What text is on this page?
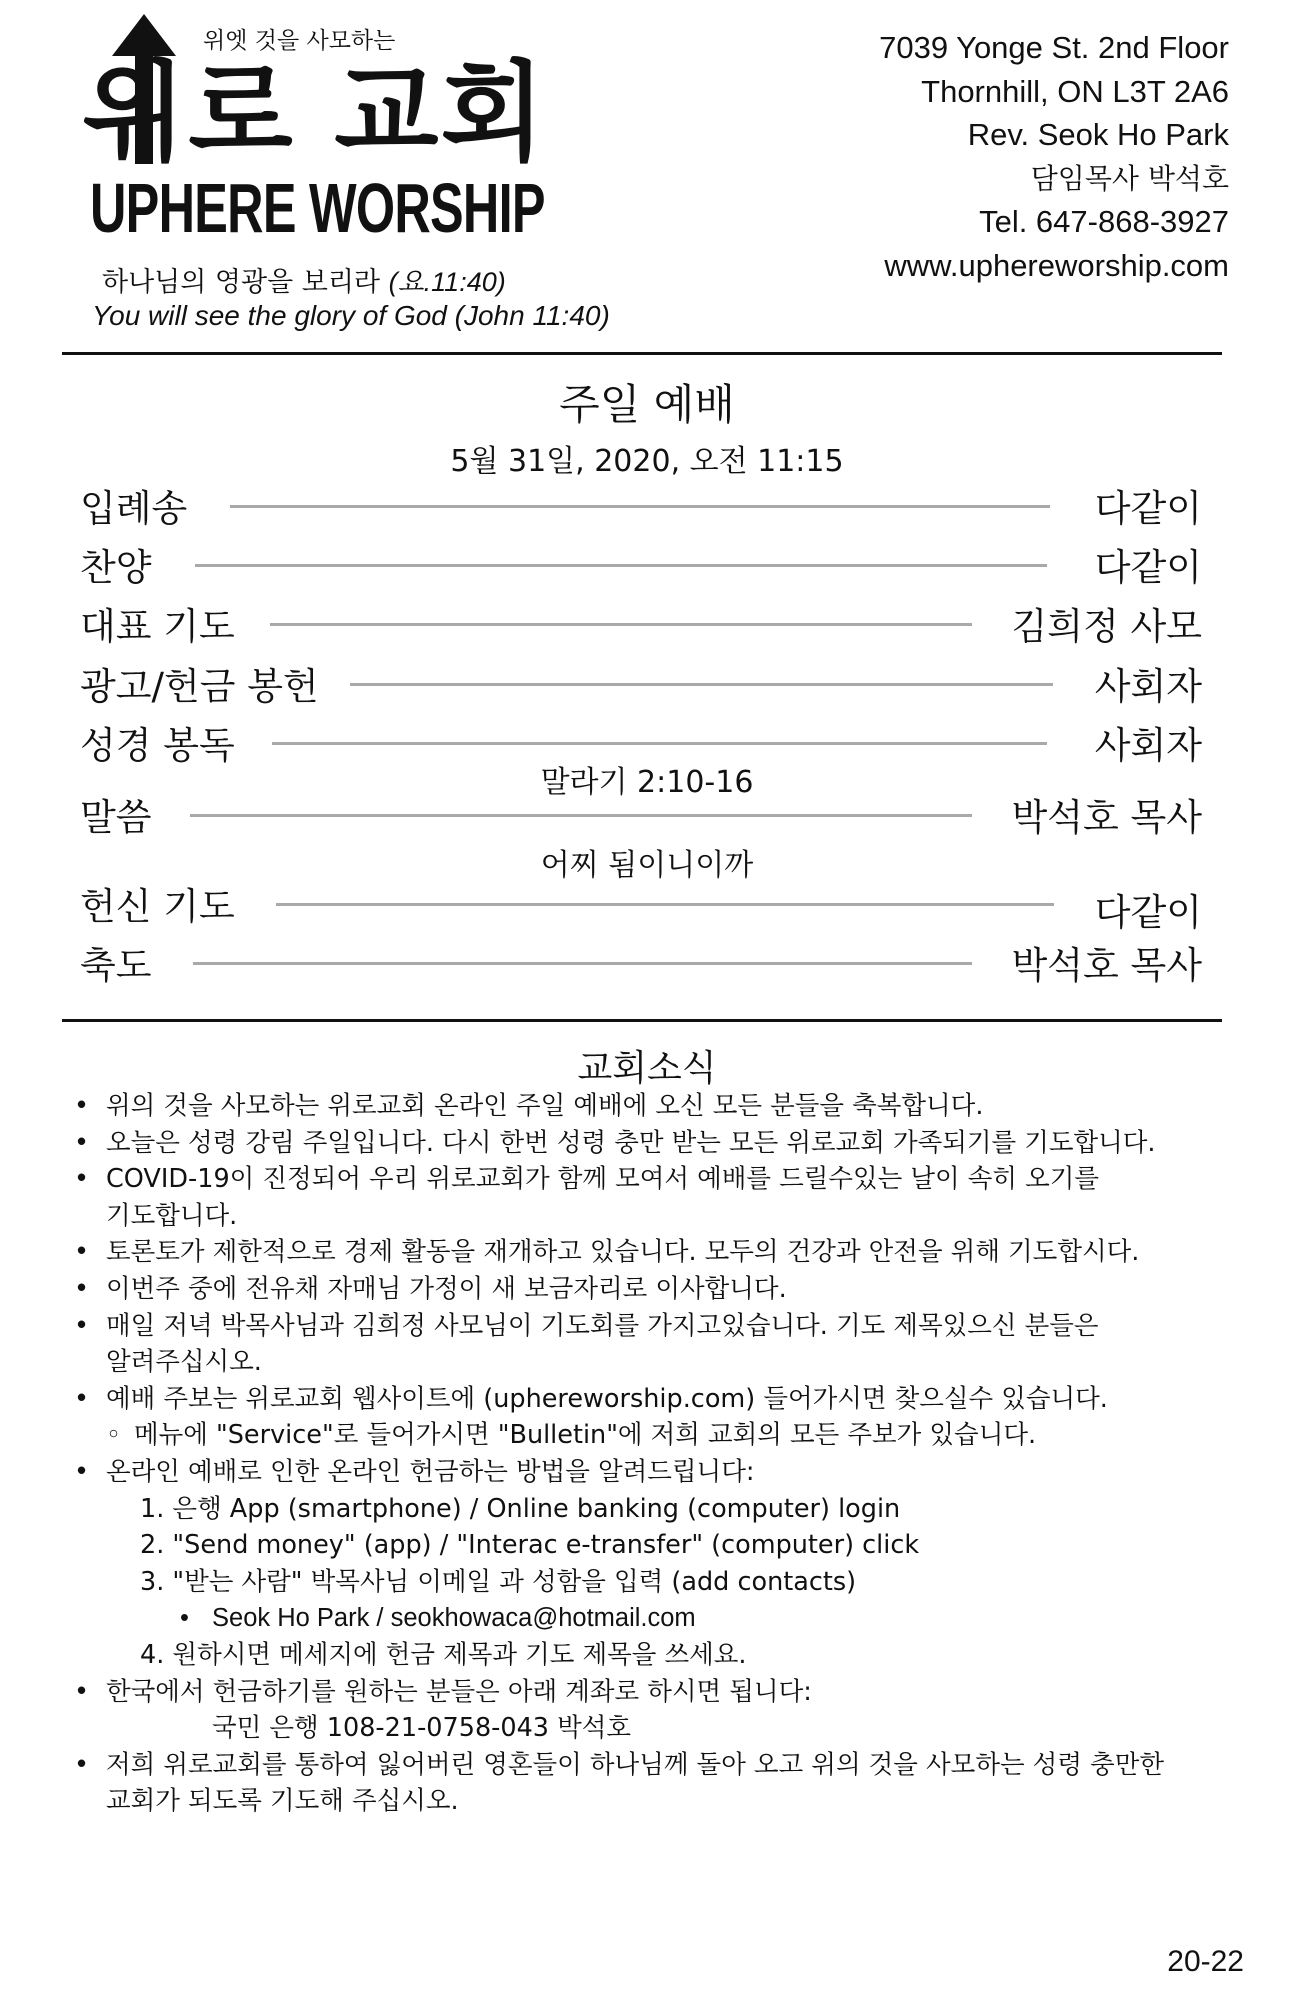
위엣 것을 사모하는
위로 교회
UPHERE WORSHIP
하나님의 영광을 보리라 (요.11:40)
You will see the glory of God (John 11:40)
7039 Yonge St. 2nd Floor
Thornhill, ON L3T 2A6
Rev. Seok Ho Park
담임목사 박석호
Tel. 647-868-3927
www.uphereworship.com
주일 예배
5월 31일, 2020, 오전 11:15
입례송	다같이
찬양	다같이
대표 기도	김희정 사모
광고/헌금 봉헌	사회자
성경 봉독	사회자
말라기 2:10-16
말씀	박석호 목사
어찌 됨이니이까
헌신 기도	다같이
축도	박석호 목사
교회소식
• 위의 것을 사모하는 위로교회 온라인 주일 예배에 오신 모든 분들을 축복합니다.
• 오늘은 성령 강림 주일입니다. 다시 한번 성령 충만 받는 모든 위로교회 가족되기를 기도합니다.
• COVID-19이 진정되어 우리 위로교회가 함께 모여서 예배를 드릴수있는 날이 속히 오기를
기도합니다.
• 토론토가 제한적으로 경제 활동을 재개하고 있습니다. 모두의 건강과 안전을 위해 기도합시다.
• 이번주 중에 전유채 자매님 가정이 새 보금자리로 이사합니다.
• 매일 저녁 박목사님과 김희정 사모님이 기도회를 가지고있습니다. 기도 제목있으신 분들은
알려주십시오.
• 예배 주보는 위로교회 웹사이트에 (uphereworship.com) 들어가시면 찾으실수 있습니다.
◦ 메뉴에 "Service"로 들어가시면 "Bulletin"에 저희 교회의 모든 주보가 있습니다.
• 온라인 예배로 인한 온라인 헌금하는 방법을 알려드립니다:
1. 은행 App (smartphone) / Online banking (computer) login
2. "Send money" (app) / "Interac e-transfer" (computer) click
3. "받는 사람" 박목사님 이메일 과 성함을 입력 (add contacts)
• Seok Ho Park / seokhowaca@hotmail.com
4. 원하시면 메세지에 헌금 제목과 기도 제목을 쓰세요.
• 한국에서 헌금하기를 원하는 분들은 아래 계좌로 하시면 됩니다:
국민 은행 108-21-0758-043 박석호
• 저희 위로교회를 통하여 잃어버린 영혼들이 하나님께 돌아 오고 위의 것을 사모하는 성령 충만한
교회가 되도록 기도해 주십시오.
20-22
